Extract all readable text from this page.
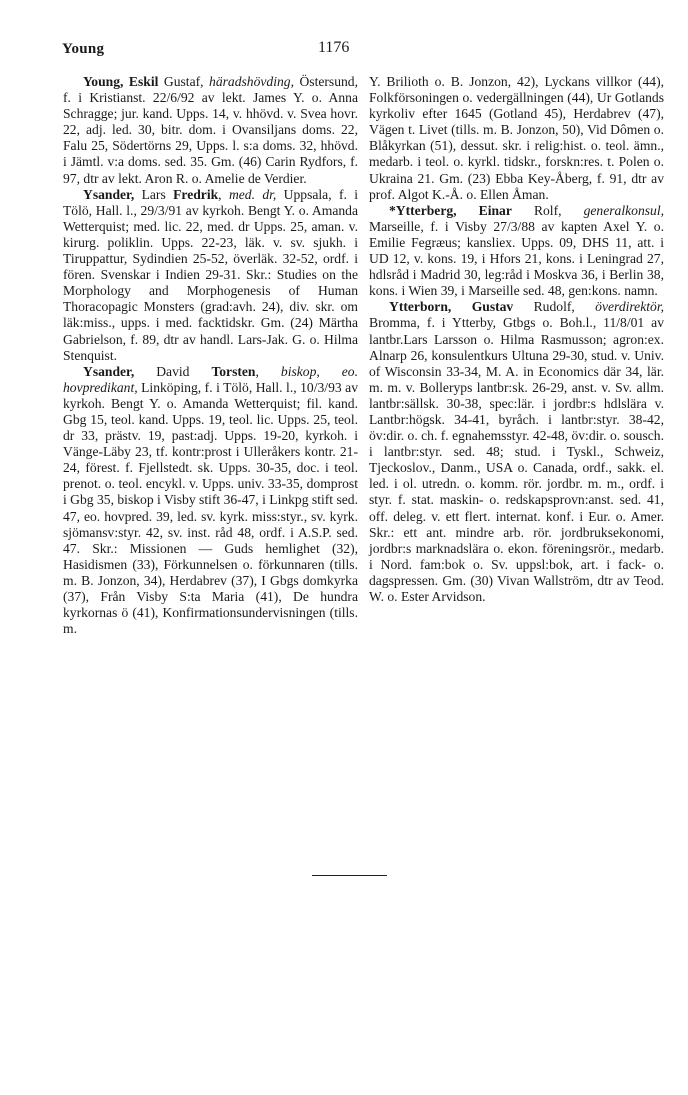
Young	1176

Young, Eskil Gustaf, häradshövding, Östersund, f. i Kristianst. 22/6/92 av lekt. James Y. o. Anna Schragge; jur. kand. Upps. 14, v. hhövd. v. Svea hovr. 22, adj. led. 30, bitr. dom. i Ovansiljans doms. 22, Falu 25, Södertörns 29, Upps. l. s:a doms. 32, hhövd. i Jämtl. v:a doms. sed. 35. Gm. (46) Carin Rydfors, f. 97, dtr av lekt. Aron R. o. Amelie de Verdier.

Ysander, Lars Fredrik, med. dr, Uppsala, f. i Tölö, Hall. l., 29/3/91 av kyrkoh. Bengt Y. o. Amanda Wetterquist; med. lic. 22, med. dr Upps. 25, aman. v. kirurg. poliklin. Upps. 22-23, läk. v. sv. sjukh. i Tiruppattur, Sydindien 25-52, överläk. 32-52, ordf. i fören. Svenskar i Indien 29-31. Skr.: Studies on the Morphology and Morphogenesis of Human Thoracopagic Monsters (grad:avh. 24), div. skr. om läk:miss., upps. i med. facktidskr. Gm. (24) Märtha Gabrielson, f. 89, dtr av handl. Lars-Jak. G. o. Hilma Stenquist.

Ysander, David Torsten, biskop, eo. hovpredikant, Linköping, f. i Tölö, Hall. l., 10/3/93 av kyrkoh. Bengt Y. o. Amanda Wetterquist; fil. kand. Gbg 15, teol. kand. Upps. 19, teol. lic. Upps. 25, teol. dr 33, prästv. 19, past:adj. Upps. 19-20, kyrkoh. i Vänge-Läby 23, tf. kontr:prost i Ulleråkers kontr. 21-24, förest. f. Fjellstedt. sk. Upps. 30-35, doc. i teol. prenot. o. teol. encykl. v. Upps. univ. 33-35, domprost i Gbg 35, biskop i Visby stift 36-47, i Linkpg stift sed. 47, eo. hovpred. 39, led. sv. kyrk. miss:styr., sv. kyrk. sjömansv:styr. 42, sv. inst. råd 48, ordf. i A.S.P. sed. 47. Skr.: Missionen — Guds hemlighet (32), Hasidismen (33), Förkunnelsen o. förkunnaren (tills. m. B. Jonzon, 34), Herdabrev (37), I Gbgs domkyrka (37), Från Visby S:ta Maria (41), De hundra kyrkornas ö (41), Konfirmationsundervisningen (tills. m.

Y. Brilioth o. B. Jonzon, 42), Lyckans villkor (44), Folkförsoningen o. vedergällningen (44), Ur Gotlands kyrkoliv efter 1645 (Gotland 45), Herdabrev (47), Vägen t. Livet (tills. m. B. Jonzon, 50), Vid Dômen o. Blåkyrkan (51), dessut. skr. i relig:hist. o. teol. ämn., medarb. i teol. o. kyrkl. tidskr., forskn:res. t. Polen o. Ukraina 21. Gm. (23) Ebba Key-Åberg, f. 91, dtr av prof. Algot K.-Å. o. Ellen Åman.

*Ytterberg, Einar Rolf, generalkonsul, Marseille, f. i Visby 27/3/88 av kapten Axel Y. o. Emilie Fegræus; kansliex. Upps. 09, DHS 11, att. i UD 12, v. kons. 19, i Hfors 21, kons. i Leningrad 27, hdlsråd i Madrid 30, leg:råd i Moskva 36, i Berlin 38, kons. i Wien 39, i Marseille sed. 48, gen:kons. namn.

Ytterborn, Gustav Rudolf, överdirektör, Bromma, f. i Ytterby, Gtbgs o. Boh.l., 11/8/01 av lantbr.Lars Larsson o. Hilma Rasmusson; agron:ex. Alnarp 26, konsulentkurs Ultuna 29-30, stud. v. Univ. of Wisconsin 33-34, M. A. in Economics där 34, lär. m. m. v. Bolleryps lantbr:sk. 26-29, anst. v. Sv. allm. lantbr:sällsk. 30-38, spec:lär. i jordbr:s hdlslära v. Lantbr:högsk. 34-41, byråch. i lantbr:styr. 38-42, öv:dir. o. ch. f. egnahemsstyr. 42-48, öv:dir. o. sousch. i lantbr:styr. sed. 48; stud. i Tyskl., Schweiz, Tjeckoslov., Danm., USA o. Canada, ordf., sakk. el. led. i ol. utredn. o. komm. rör. jordbr. m. m., ordf. i styr. f. stat. maskin- o. redskapsprovn:anst. sed. 41, off. deleg. v. ett flert. internat. konf. i Eur. o. Amer. Skr.: ett ant. mindre arb. rör. jordbruksekonomi, jordbr:s marknadslära o. ekon. föreningsrör., medarb. i Nord. fam:bok o. Sv. uppsl:bok, art. i fack- o. dagspressen. Gm. (30) Vivan Wallström, dtr av Teod. W. o. Ester Arvidson.
